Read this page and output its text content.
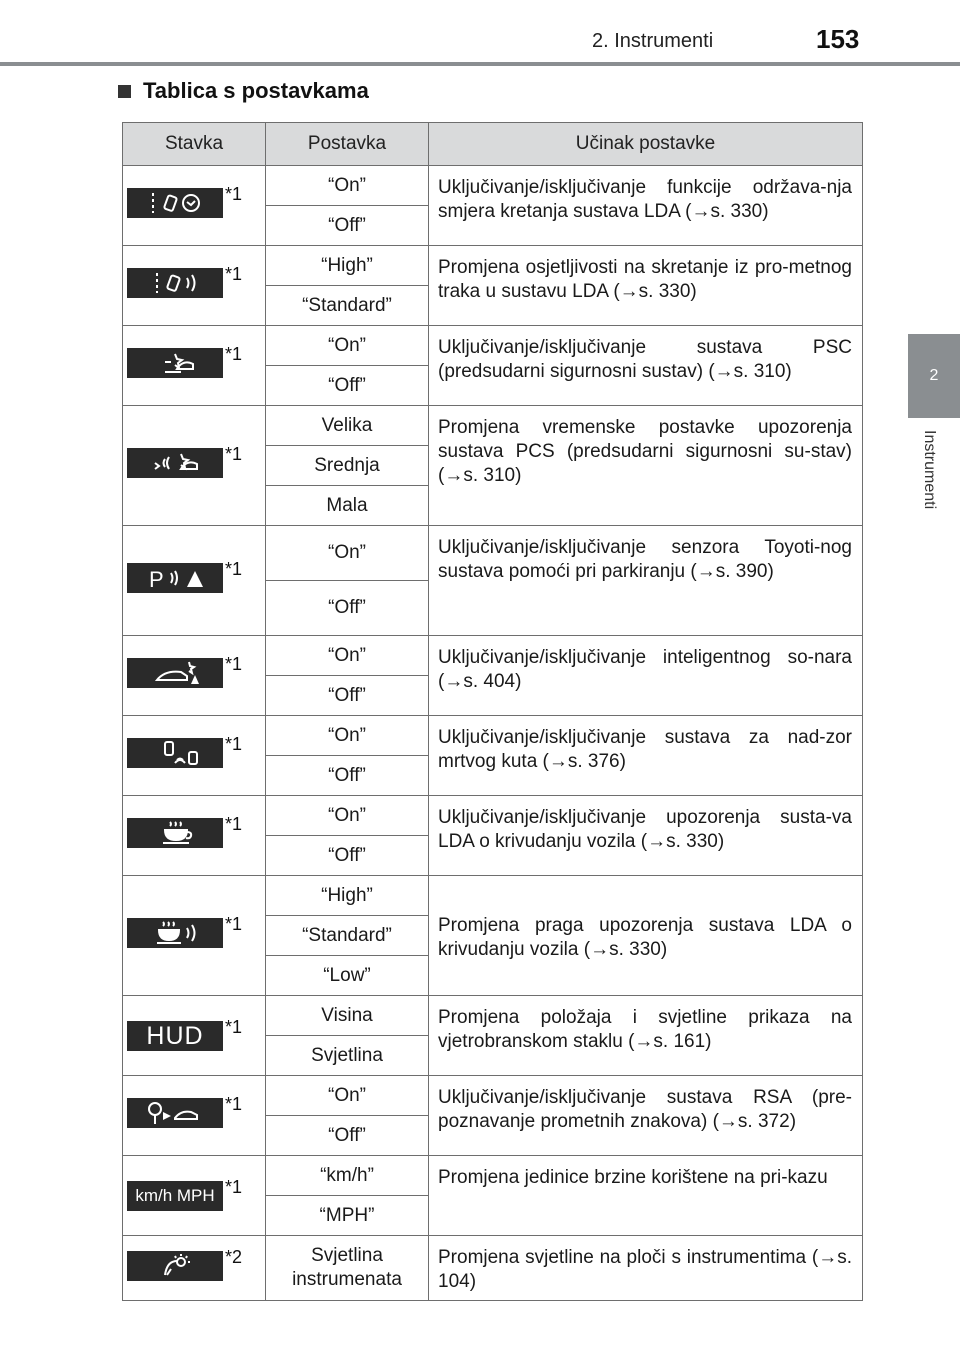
2. Instrumenti	153
2
Instrumenti
Tablica s postavkama
Stavka	Postavka	Učinak postavke

*1	“On”	Uključivanje/isključivanje funkcije održava-nja smjera kretanja sustava LDA (→s. 330)
	“Off”	

*1	“High”	Promjena osjetljivosti na skretanje iz pro-metnog traka u sustavu LDA (→s. 330)
	“Standard”	

*1	“On”	Uključivanje/isključivanje sustava PSC (predsudarni sigurnosni sustav) (→s. 310)
	“Off”	

*1	Velika	Promjena vremenske postavke upozorenja sustava PCS (predsudarni sigurnosni su-stav) (→s. 310)
	Srednja	
	Mala	

P *1	“On”	Uključivanje/isključivanje senzora Toyoti-nog sustava pomoći pri parkiranju (→s. 390)
	“Off”	

*1	“On”	Uključivanje/isključivanje inteligentnog so-nara (→s. 404)
	“Off”	

*1	“On”	Uključivanje/isključivanje sustava za nad-zor mrtvog kuta (→s. 376)
	“Off”	

*1	“On”	Uključivanje/isključivanje upozorenja susta-va LDA o krivudanju vozila (→s. 330)
	“Off”	

*1	“High”	Promjena praga upozorenja sustava LDA o krivudanju vozila (→s. 330)
	“Standard”	
	“Low”	

HUD *1	Visina	Promjena položaja i svjetline prikaza na vjetrobranskom staklu (→s. 161)
	Svjetlina	

*1	“On”	Uključivanje/isključivanje sustava RSA (pre-poznavanje prometnih znakova) (→s. 372)
	“Off”	

km/h MPH *1	“km/h”	Promjena jedinice brzine korištene na pri-kazu
	“MPH”	

*2	Svjetlina instrumenata	Promjena svjetline na ploči s instrumentima (→s. 104)
